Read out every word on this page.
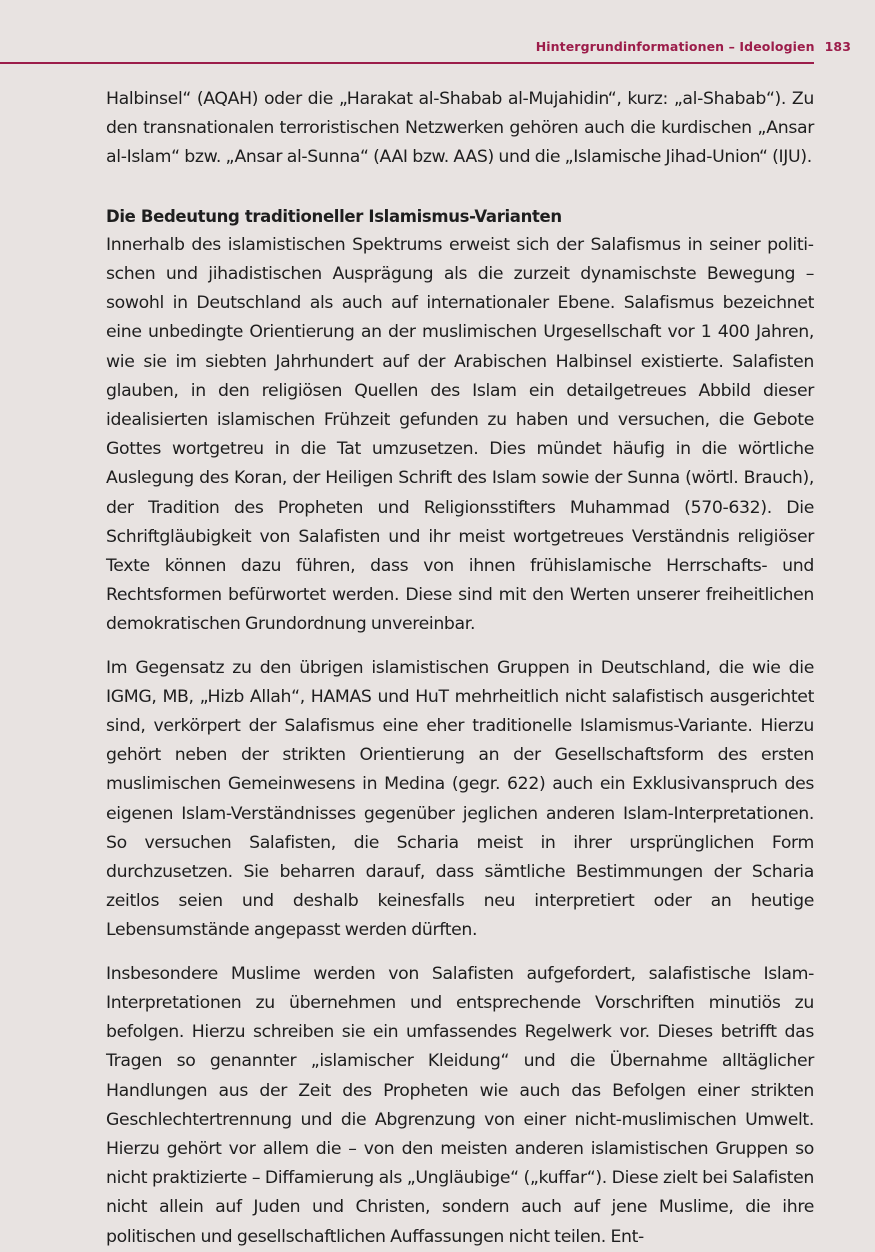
Hintergrundinformationen – Ideologien 183

Halbinsel“ (AQAH) oder die „Harakat al-Shabab al-Mujahidin“, kurz: „al-Shabab“). Zu den transnationalen terroristischen Netzwerken gehören auch die kurdischen „Ansar al-Islam“ bzw. „Ansar al-Sunna“ (AAI bzw. AAS) und die „Islamische Jihad-Union“ (IJU).

Die Bedeutung traditioneller Islamismus-Varianten

Innerhalb des islamistischen Spektrums erweist sich der Salafismus in seiner politischen und jihadistischen Ausprägung als die zurzeit dynamischste Bewegung – sowohl in Deutschland als auch auf internationaler Ebene. Salafismus bezeichnet eine unbedingte Orientierung an der muslimischen Urgesellschaft vor 1 400 Jahren, wie sie im siebten Jahrhundert auf der Arabischen Halbinsel existierte. Salafisten glauben, in den religiösen Quellen des Islam ein detailgetreues Abbild dieser idealisierten islamischen Frühzeit gefunden zu haben und versuchen, die Gebote Gottes wortgetreu in die Tat umzusetzen. Dies mündet häufig in die wörtliche Auslegung des Koran, der Heiligen Schrift des Islam sowie der Sunna (wörtl. Brauch), der Tradition des Propheten und Religionsstifters Muhammad (570-632). Die Schriftgläubigkeit von Salafisten und ihr meist wortgetreues Verständnis religiöser Texte können dazu führen, dass von ihnen frühislamische Herrschafts- und Rechtsformen befürwortet werden. Diese sind mit den Werten unserer freiheitlichen demokratischen Grundordnung unvereinbar.

Im Gegensatz zu den übrigen islamistischen Gruppen in Deutschland, die wie die IGMG, MB, „Hizb Allah“, HAMAS und HuT mehrheitlich nicht salafistisch ausgerichtet sind, verkörpert der Salafismus eine eher traditionelle Islamismus-Variante. Hierzu gehört neben der strikten Orientierung an der Gesellschaftsform des ersten muslimischen Gemeinwesens in Medina (gegr. 622) auch ein Exklusivanspruch des eigenen Islam-Verständnisses gegenüber jeglichen anderen Islam-Interpretationen. So versuchen Salafisten, die Scharia meist in ihrer ursprünglichen Form durchzusetzen. Sie beharren darauf, dass sämtliche Bestimmungen der Scharia zeitlos seien und deshalb keinesfalls neu interpretiert oder an heutige Lebensumstände angepasst werden dürften.

Insbesondere Muslime werden von Salafisten aufgefordert, salafistische Islam-Interpretationen zu übernehmen und entsprechende Vorschriften minutiös zu befolgen. Hierzu schreiben sie ein umfassendes Regelwerk vor. Dieses betrifft das Tragen so genannter „islamischer Kleidung“ und die Übernahme alltäglicher Handlungen aus der Zeit des Propheten wie auch das Befolgen einer strikten Geschlechtertrennung und die Abgrenzung von einer nicht-muslimischen Umwelt. Hierzu gehört vor allem die – von den meisten anderen islamistischen Gruppen so nicht praktizierte – Diffamierung als „Ungläubige“ („kuffar“). Diese zielt bei Salafisten nicht allein auf Juden und Christen, sondern auch auf jene Muslime, die ihre politischen und gesellschaftlichen Auffassungen nicht teilen. Ent-
